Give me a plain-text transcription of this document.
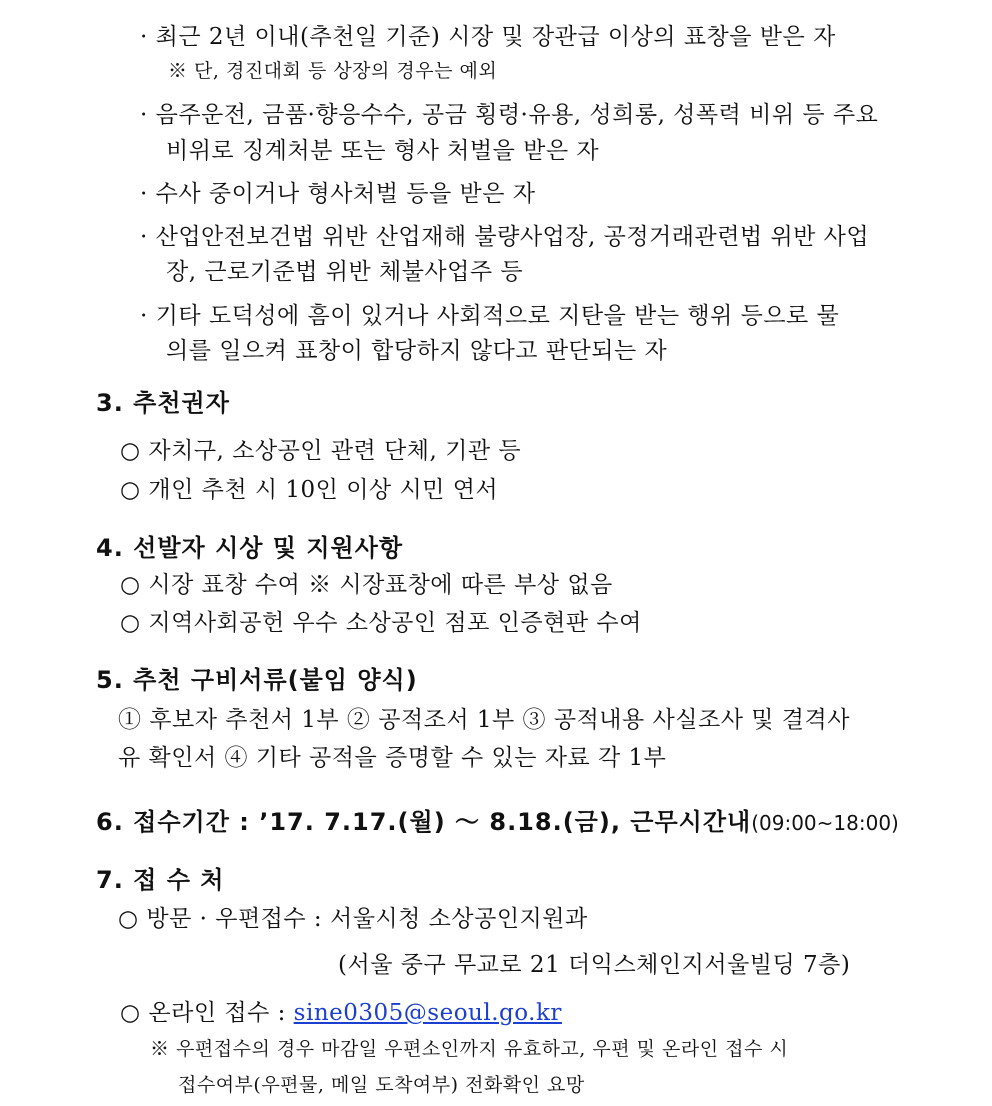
· 최근 2년 이내(추천일 기준) 시장 및 장관급 이상의 표창을 받은 자
※ 단, 경진대회 등 상장의 경우는 예외
· 음주운전, 금품·향응수수, 공금 횡령·유용, 성희롱, 성폭력 비위 등 주요
비위로 징계처분 또는 형사 처벌을 받은 자
· 수사 중이거나 형사처벌 등을 받은 자
· 산업안전보건법 위반 산업재해 불량사업장, 공정거래관련법 위반 사업
장, 근로기준법 위반 체불사업주 등
· 기타 도덕성에 흠이 있거나 사회적으로 지탄을 받는 행위 등으로 물
의를 일으켜 표창이 합당하지 않다고 판단되는 자
3. 추천권자
○ 자치구, 소상공인 관련 단체, 기관 등
○ 개인 추천 시 10인 이상 시민 연서
4. 선발자 시상 및 지원사항
○ 시장 표창 수여 ※ 시장표창에 따른 부상 없음
○ 지역사회공헌 우수 소상공인 점포 인증현판 수여
5. 추천 구비서류(붙임 양식)
① 후보자 추천서 1부 ② 공적조서 1부 ③ 공적내용 사실조사 및 결격사
유 확인서 ④ 기타 공적을 증명할 수 있는 자료 각 1부
6. 접수기간 : ’17. 7.17.(월) ～ 8.18.(금), 근무시간내(09:00~18:00)
7. 접 수 처
○ 방문 · 우편접수 : 서울시청 소상공인지원과
(서울 중구 무교로 21 더익스체인지서울빌딩 7층)
○ 온라인 접수 : sine0305@seoul.go.kr
※ 우편접수의 경우 마감일 우편소인까지 유효하고, 우편 및 온라인 접수 시
접수여부(우편물, 메일 도착여부) 전화확인 요망
